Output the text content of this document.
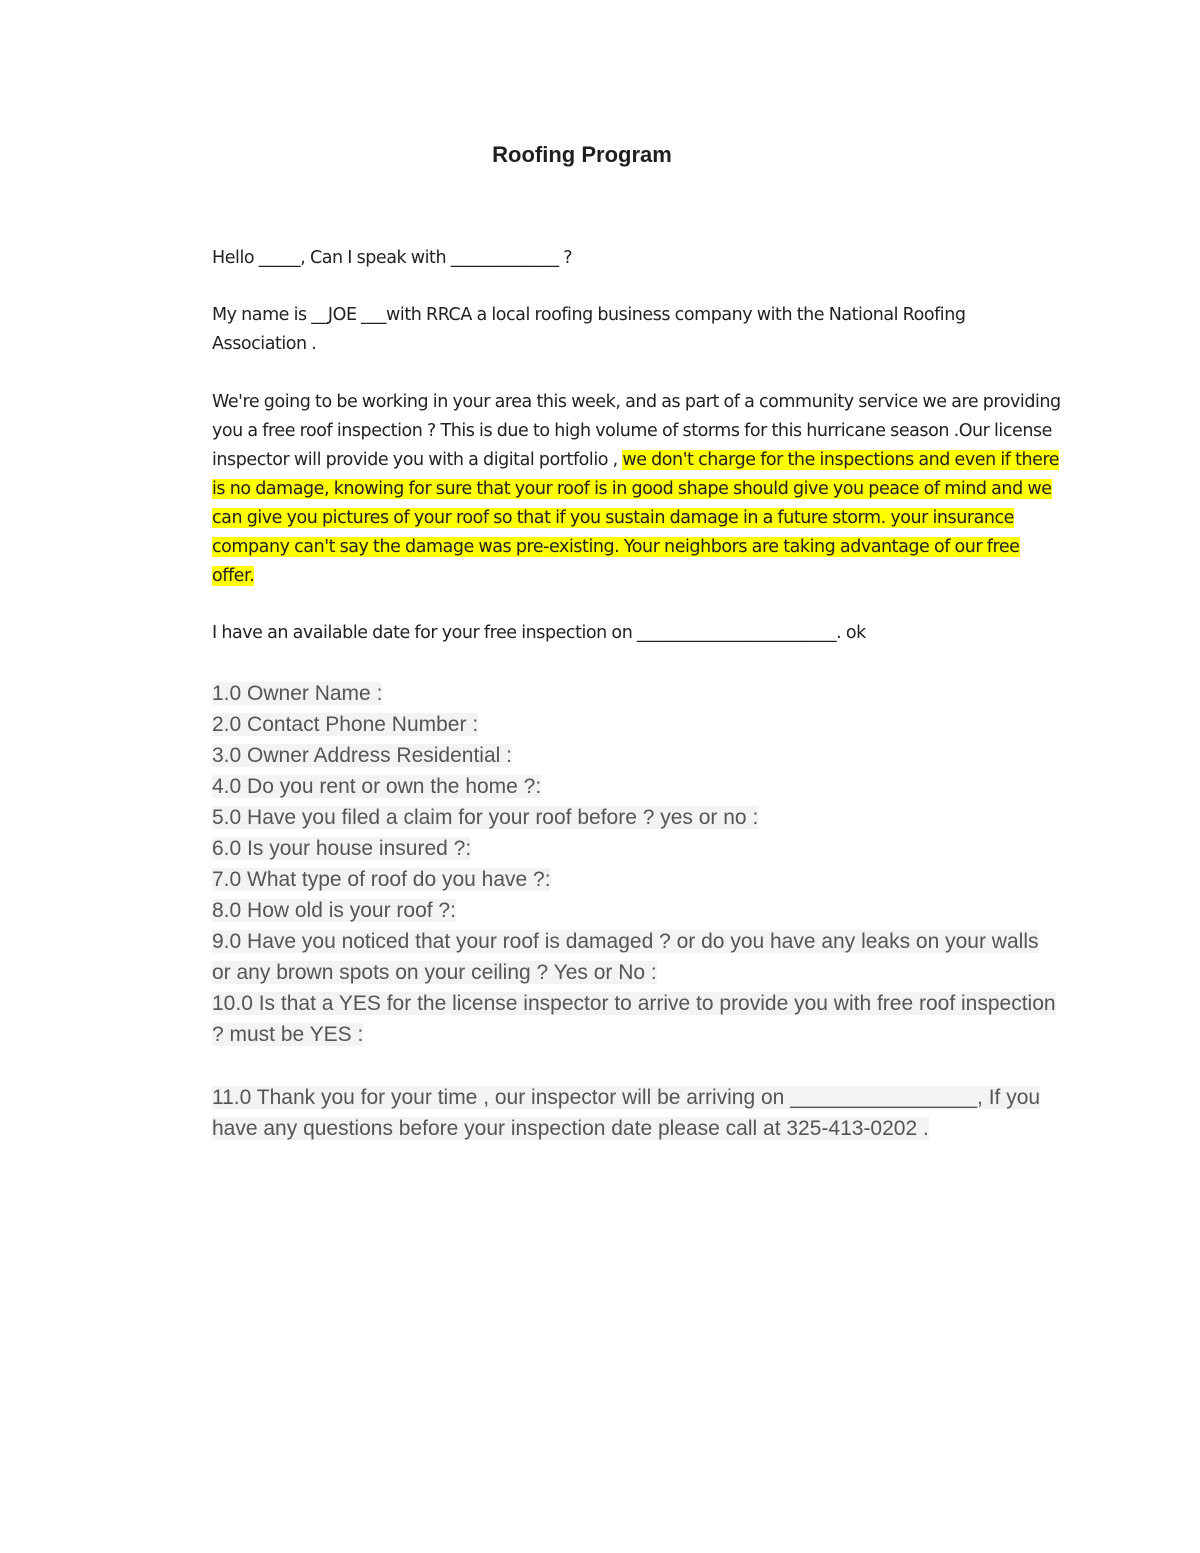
Roofing Program
Hello _____, Can I speak with _____________ ?
My name is __JOE ___with RRCA a local roofing business company with the National Roofing Association .
We're going to be working in your area this week, and as part of a community service we are providing you a free roof inspection ? This is due to high volume of storms for this hurricane season .Our license inspector will provide you with a digital portfolio , we don't charge for the inspections and even if there is no damage, knowing for sure that your roof is in good shape should give you peace of mind and we can give you pictures of your roof so that if you sustain damage in a future storm. your insurance company can't say the damage was pre-existing. Your neighbors are taking advantage of our free offer.
I have an available date for your free inspection on ________________________. ok
1.0 Owner Name :
2.0 Contact Phone Number :
3.0 Owner Address Residential :
4.0 Do you rent or own the home ?:
5.0 Have you filed a claim for your roof before ? yes or no :
6.0 Is your house insured ?:
7.0 What type of roof do you have ?:
8.0 How old is your roof ?:
9.0 Have you noticed that your roof is damaged ? or do you have any leaks on your walls or any brown spots on your ceiling ? Yes or No :
10.0 Is that a YES for the license inspector to arrive to provide you with free roof inspection ? must be YES :
11.0 Thank you for your time , our inspector will be arriving on ________________, If you have any questions before your inspection date please call at 325-413-0202 .
